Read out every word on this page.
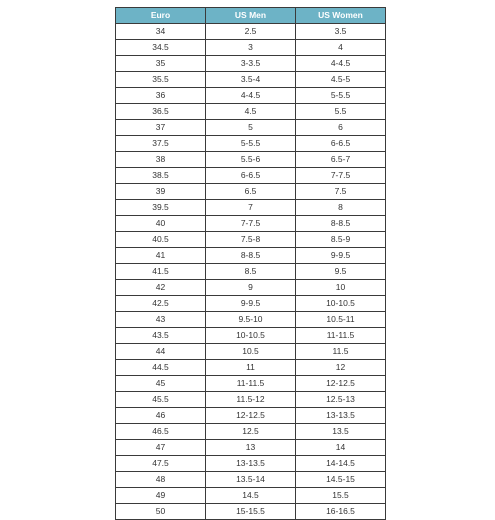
Euro	US Men	US Women
34	2.5	3.5
34.5	3	4
35	3-3.5	4-4.5
35.5	3.5-4	4.5-5
36	4-4.5	5-5.5
36.5	4.5	5.5
37	5	6
37.5	5-5.5	6-6.5
38	5.5-6	6.5-7
38.5	6-6.5	7-7.5
39	6.5	7.5
39.5	7	8
40	7-7.5	8-8.5
40.5	7.5-8	8.5-9
41	8-8.5	9-9.5
41.5	8.5	9.5
42	9	10
42.5	9-9.5	10-10.5
43	9.5-10	10.5-11
43.5	10-10.5	11-11.5
44	10.5	11.5
44.5	11	12
45	11-11.5	12-12.5
45.5	11.5-12	12.5-13
46	12-12.5	13-13.5
46.5	12.5	13.5
47	13	14
47.5	13-13.5	14-14.5
48	13.5-14	14.5-15
49	14.5	15.5
50	15-15.5	16-16.5
